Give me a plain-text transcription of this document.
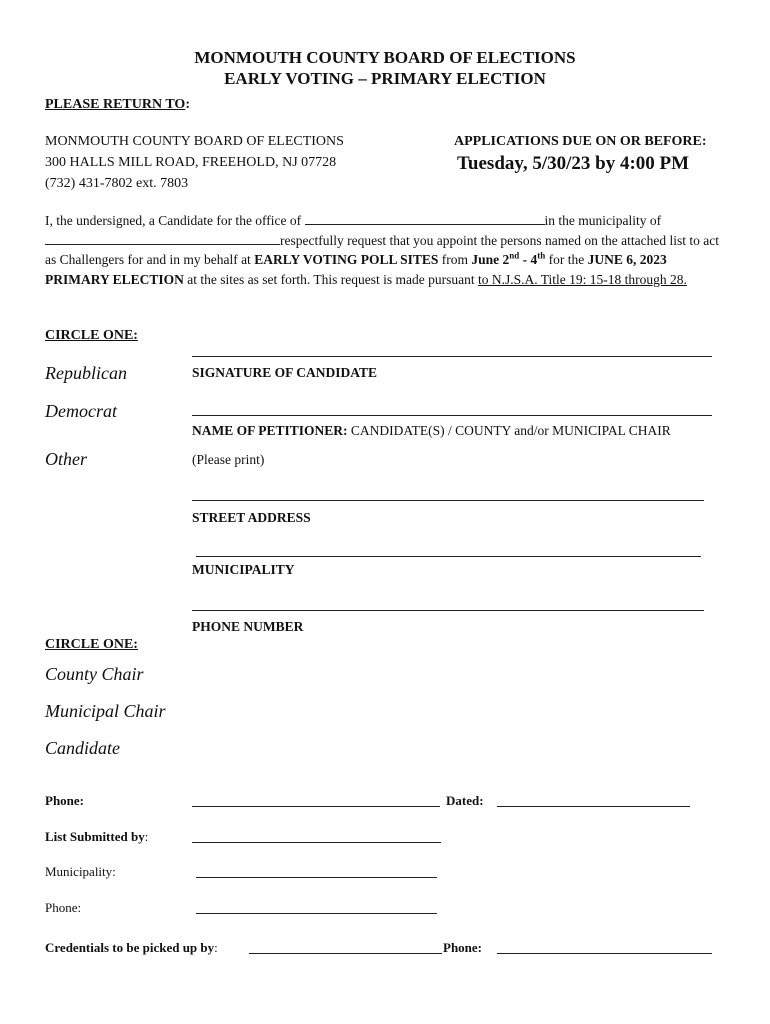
MONMOUTH COUNTY BOARD OF ELECTIONS
EARLY VOTING – PRIMARY ELECTION
PLEASE RETURN TO:
MONMOUTH COUNTY BOARD OF ELECTIONS
300 HALLS MILL ROAD, FREEHOLD, NJ 07728
(732) 431-7802 ext. 7803
APPLICATIONS DUE ON OR BEFORE:
Tuesday, 5/30/23 by 4:00 PM
I, the undersigned, a Candidate for the office of	in the municipality of
respectfully request that you appoint the persons named on the attached list to act as Challengers for and in my behalf at EARLY VOTING POLL SITES from June 2nd - 4th for the JUNE 6, 2023 PRIMARY ELECTION at the sites as set forth. This request is made pursuant to N.J.S.A. Title 19: 15-18 through 28.
CIRCLE ONE:
Republican
Democrat
Other
SIGNATURE OF CANDIDATE
NAME OF PETITIONER: CANDIDATE(S) / COUNTY and/or MUNICIPAL CHAIR
(Please print)
STREET ADDRESS
MUNICIPALITY
PHONE NUMBER
CIRCLE ONE:
County Chair
Municipal Chair
Candidate
Phone:	Dated:
List Submitted by:
Municipality:
Phone:
Credentials to be picked up by:	Phone:
